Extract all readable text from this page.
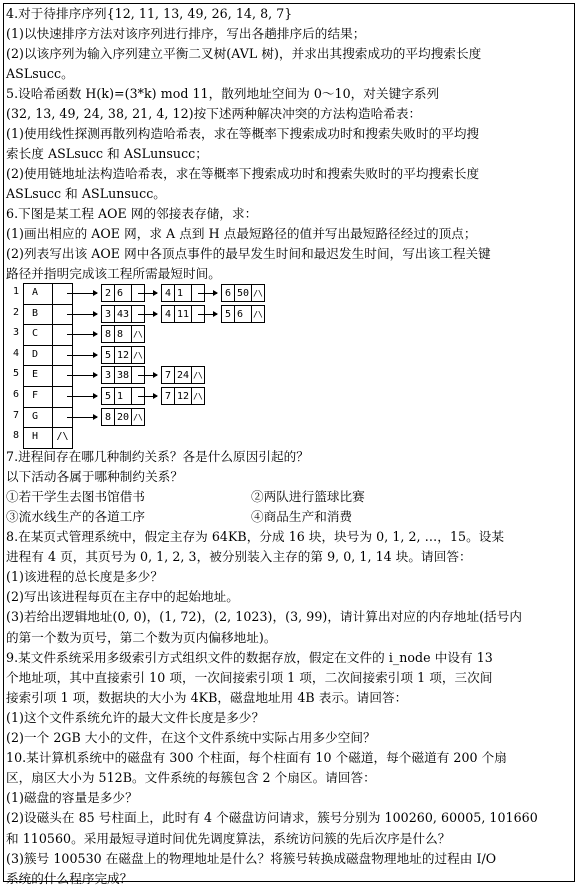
4.对于待排序序列{12, 11, 13, 49, 26, 14, 8, 7}
(1)以快速排序方法对该序列进行排序，写出各趟排序后的结果；
(2)以该序列为输入序列建立平衡二叉树(AVL 树)，并求出其搜索成功的平均搜索长度
ASLsucc。
5.设哈希函数 H(k)=(3*k) mod 11，散列地址空间为 0～10，对关键字系列
(32, 13, 49, 24, 38, 21, 4, 12)按下述两种解决冲突的方法构造哈希表：
(1)使用线性探测再散列构造哈希表，求在等概率下搜索成功时和搜索失败时的平均搜
索长度 ASLsucc 和 ASLunsucc；
(2)使用链地址法构造哈希表，求在等概率下搜索成功时和搜索失败时的平均搜索长度
ASLsucc 和 ASLunsucc。
6.下图是某工程 AOE 网的邻接表存储，求：
(1)画出相应的 AOE 网，求 A 点到 H 点最短路径的值并写出最短路径经过的顶点；
(2)列表写出该 AOE 网中各顶点事件的最早发生时间和最迟发生时间，写出该工程关键
路径并指明完成该工程所需最短时间。
1	A	2 6	4 1	6 50 /\
2	B	3 43	4 11	5 6	/\
3	C	8 8	/\
4	D	5 12 /\
5	E	3 38	7 24 /\
6	F	5 1	7 12 /\
7	G	8 20 /\
8	H	/\
7.进程间存在哪几种制约关系？各是什么原因引起的？
以下活动各属于哪种制约关系？
①若干学生去图书馆借书	②两队进行篮球比赛
③流水线生产的各道工序	④商品生产和消费
8.在某页式管理系统中，假定主存为 64KB，分成 16 块，块号为 0, 1, 2, …，15。设某
进程有 4 页，其页号为 0, 1, 2, 3，被分别装入主存的第 9, 0, 1, 14 块。请回答：
(1)该进程的总长度是多少？
(2)写出该进程每页在主存中的起始地址。
(3)若给出逻辑地址(0, 0)，(1, 72)，(2, 1023)，(3, 99)，请计算出对应的内存地址(括号内
的第一个数为页号，第二个数为页内偏移地址)。
9.某文件系统采用多级索引方式组织文件的数据存放，假定在文件的 i_node 中设有 13
个地址项，其中直接索引 10 项，一次间接索引项 1 项，二次间接索引项 1 项，三次间
接索引项 1 项，数据块的大小为 4KB，磁盘地址用 4B 表示。请回答：
(1)这个文件系统允许的最大文件长度是多少？
(2)一个 2GB 大小的文件，在这个文件系统中实际占用多少空间？
10.某计算机系统中的磁盘有 300 个柱面，每个柱面有 10 个磁道，每个磁道有 200 个扇
区，扇区大小为 512B。文件系统的每簇包含 2 个扇区。请回答：
(1)磁盘的容量是多少？
(2)设磁头在 85 号柱面上，此时有 4 个磁盘访问请求，簇号分别为 100260, 60005, 101660
和 110560。采用最短寻道时间优先调度算法，系统访问簇的先后次序是什么？
(3)簇号 100530 在磁盘上的物理地址是什么？将簇号转换成磁盘物理地址的过程由 I/O
系统的什么程序完成？
